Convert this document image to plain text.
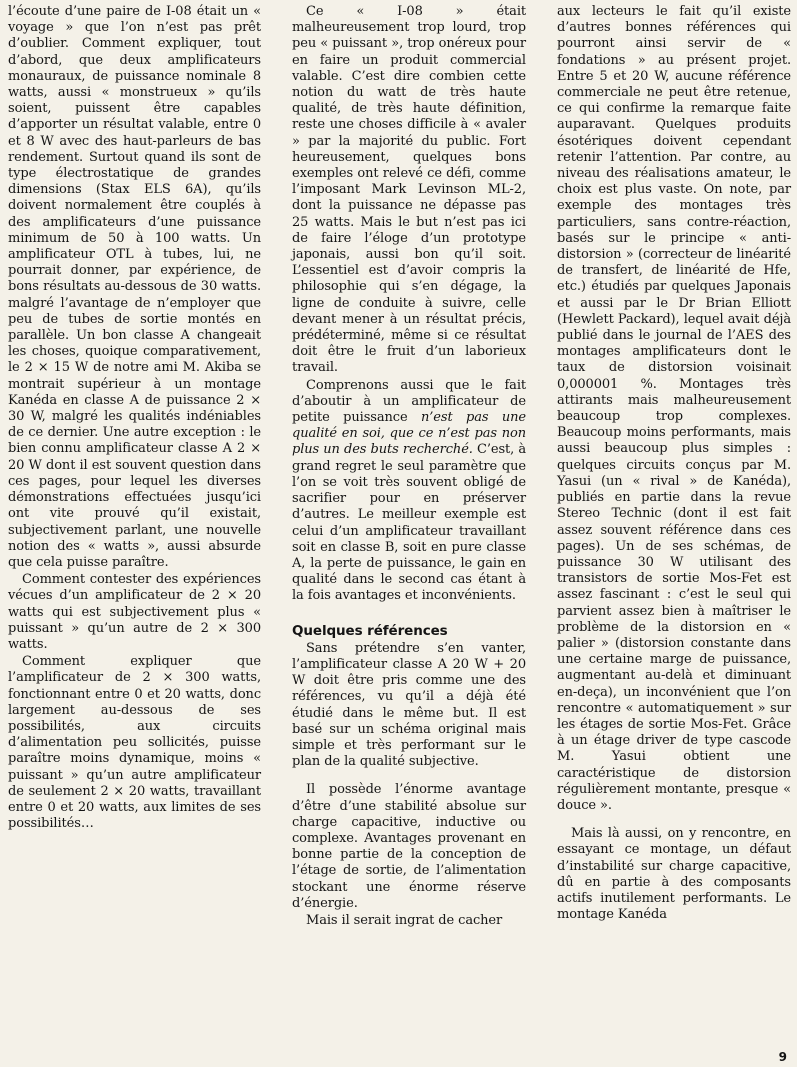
l’écoute d’une paire de I-08 était un « voyage » que l’on n’est pas prêt d’oublier. Comment expliquer, tout d’abord, que deux amplificateurs monauraux, de puissance nominale 8 watts, aussi « monstrueux » qu’ils soient, puissent être capables d’apporter un résultat valable, entre 0 et 8 W avec des haut-parleurs de bas rendement. Surtout quand ils sont de type électrostatique de grandes dimensions (Stax ELS 6A), qu’ils doivent normalement être couplés à des amplificateurs d’une puissance minimum de 50 à 100 watts. Un amplificateur OTL à tubes, lui, ne pourrait donner, par expérience, de bons résultats au-dessous de 30 watts. malgré l’avantage de n’employer que peu de tubes de sortie montés en parallèle. Un bon classe A changeait les choses, quoique comparativement, le 2 × 15 W de notre ami M. Akiba se montrait supérieur à un montage Kanéda en classe A de puissance 2 × 30 W, malgré les qualités indéniables de ce dernier. Une autre exception : le bien connu amplificateur classe A 2 × 20 W dont il est souvent question dans ces pages, pour lequel les diverses démonstrations effectuées jusqu’ici ont vite prouvé qu’il existait, subjectivement parlant, une nouvelle notion des « watts », aussi absurde que cela puisse paraître.

Comment contester des expériences vécues d’un amplificateur de 2 × 20 watts qui est subjectivement plus « puissant » qu’un autre de 2 × 300 watts.

Comment expliquer que l’amplificateur de 2 × 300 watts, fonctionnant entre 0 et 20 watts, donc largement au-dessous de ses possibilités, aux circuits d’alimentation peu sollicités, puisse paraître moins dynamique, moins « puissant » qu’un autre amplificateur de seulement 2 × 20 watts, travaillant entre 0 et 20 watts, aux limites de ses possibilités…

Ce « I-08 » était malheureusement trop lourd, trop peu « puissant », trop onéreux pour en faire un produit commercial valable. C’est dire combien cette notion du watt de très haute qualité, de très haute définition, reste une choses difficile à « avaler » par la majorité du public. Fort heureusement, quelques bons exemples ont relevé ce défi, comme l’imposant Mark Levinson ML-2, dont la puissance ne dépasse pas 25 watts. Mais le but n’est pas ici de faire l’éloge d’un prototype japonais, aussi bon qu’il soit. L’essentiel est d’avoir compris la philosophie qui s’en dégage, la ligne de conduite à suivre, celle devant mener à un résultat précis, prédéterminé, même si ce résultat doit être le fruit d’un laborieux travail.

Comprenons aussi que le fait d’aboutir à un amplificateur de petite puissance n’est pas une qualité en soi, que ce n’est pas non plus un des buts recherché. C’est, à grand regret le seul paramètre que l’on se voit très souvent obligé de sacrifier pour en préserver d’autres. Le meilleur exemple est celui d’un amplificateur travaillant soit en classe B, soit en pure classe A, la perte de puissance, le gain en qualité dans le second cas étant à la fois avantages et inconvénients.

Quelques références

Sans prétendre s’en vanter, l’amplificateur classe A 20 W + 20 W doit être pris comme une des références, vu qu’il a déjà été étudié dans le même but. Il est basé sur un schéma original mais simple et très performant sur le plan de la qualité subjective.

Il possède l’énorme avantage d’être d’une stabilité absolue sur charge capacitive, inductive ou complexe. Avantages provenant en bonne partie de la conception de l’étage de sortie, de l’alimentation stockant une énorme réserve d’énergie.

Mais il serait ingrat de cacher

aux lecteurs le fait qu’il existe d’autres bonnes références qui pourront ainsi servir de « fondations » au présent projet. Entre 5 et 20 W, aucune référence commerciale ne peut être retenue, ce qui confirme la remarque faite auparavant. Quelques produits ésotériques doivent cependant retenir l’attention. Par contre, au niveau des réalisations amateur, le choix est plus vaste. On note, par exemple des montages très particuliers, sans contre-réaction, basés sur le principe « anti-distorsion » (correcteur de linéarité de transfert, de linéarité de Hfe, etc.) étudiés par quelques Japonais et aussi par le Dr Brian Elliott (Hewlett Packard), lequel avait déjà publié dans le journal de l’AES des montages amplificateurs dont le taux de distorsion voisinait 0,000001 %. Montages très attirants mais malheureusement beaucoup trop complexes. Beaucoup moins performants, mais aussi beaucoup plus simples : quelques circuits conçus par M. Yasui (un « rival » de Kanéda), publiés en partie dans la revue Stereo Technic (dont il est fait assez souvent référence dans ces pages). Un de ses schémas, de puissance 30 W utilisant des transistors de sortie Mos-Fet est assez fascinant : c’est le seul qui parvient assez bien à maîtriser le problème de la distorsion en « palier » (distorsion constante dans une certaine marge de puissance, augmentant au-delà et diminuant en-deça), un inconvénient que l’on rencontre « automatiquement » sur les étages de sortie Mos-Fet. Grâce à un étage driver de type cascode M. Yasui obtient une caractéristique de distorsion régulièrement montante, presque « douce ».

Mais là aussi, on y rencontre, en essayant ce montage, un défaut d’instabilité sur charge capacitive, dû en partie à des composants actifs inutilement performants. Le montage Kanéda

9
